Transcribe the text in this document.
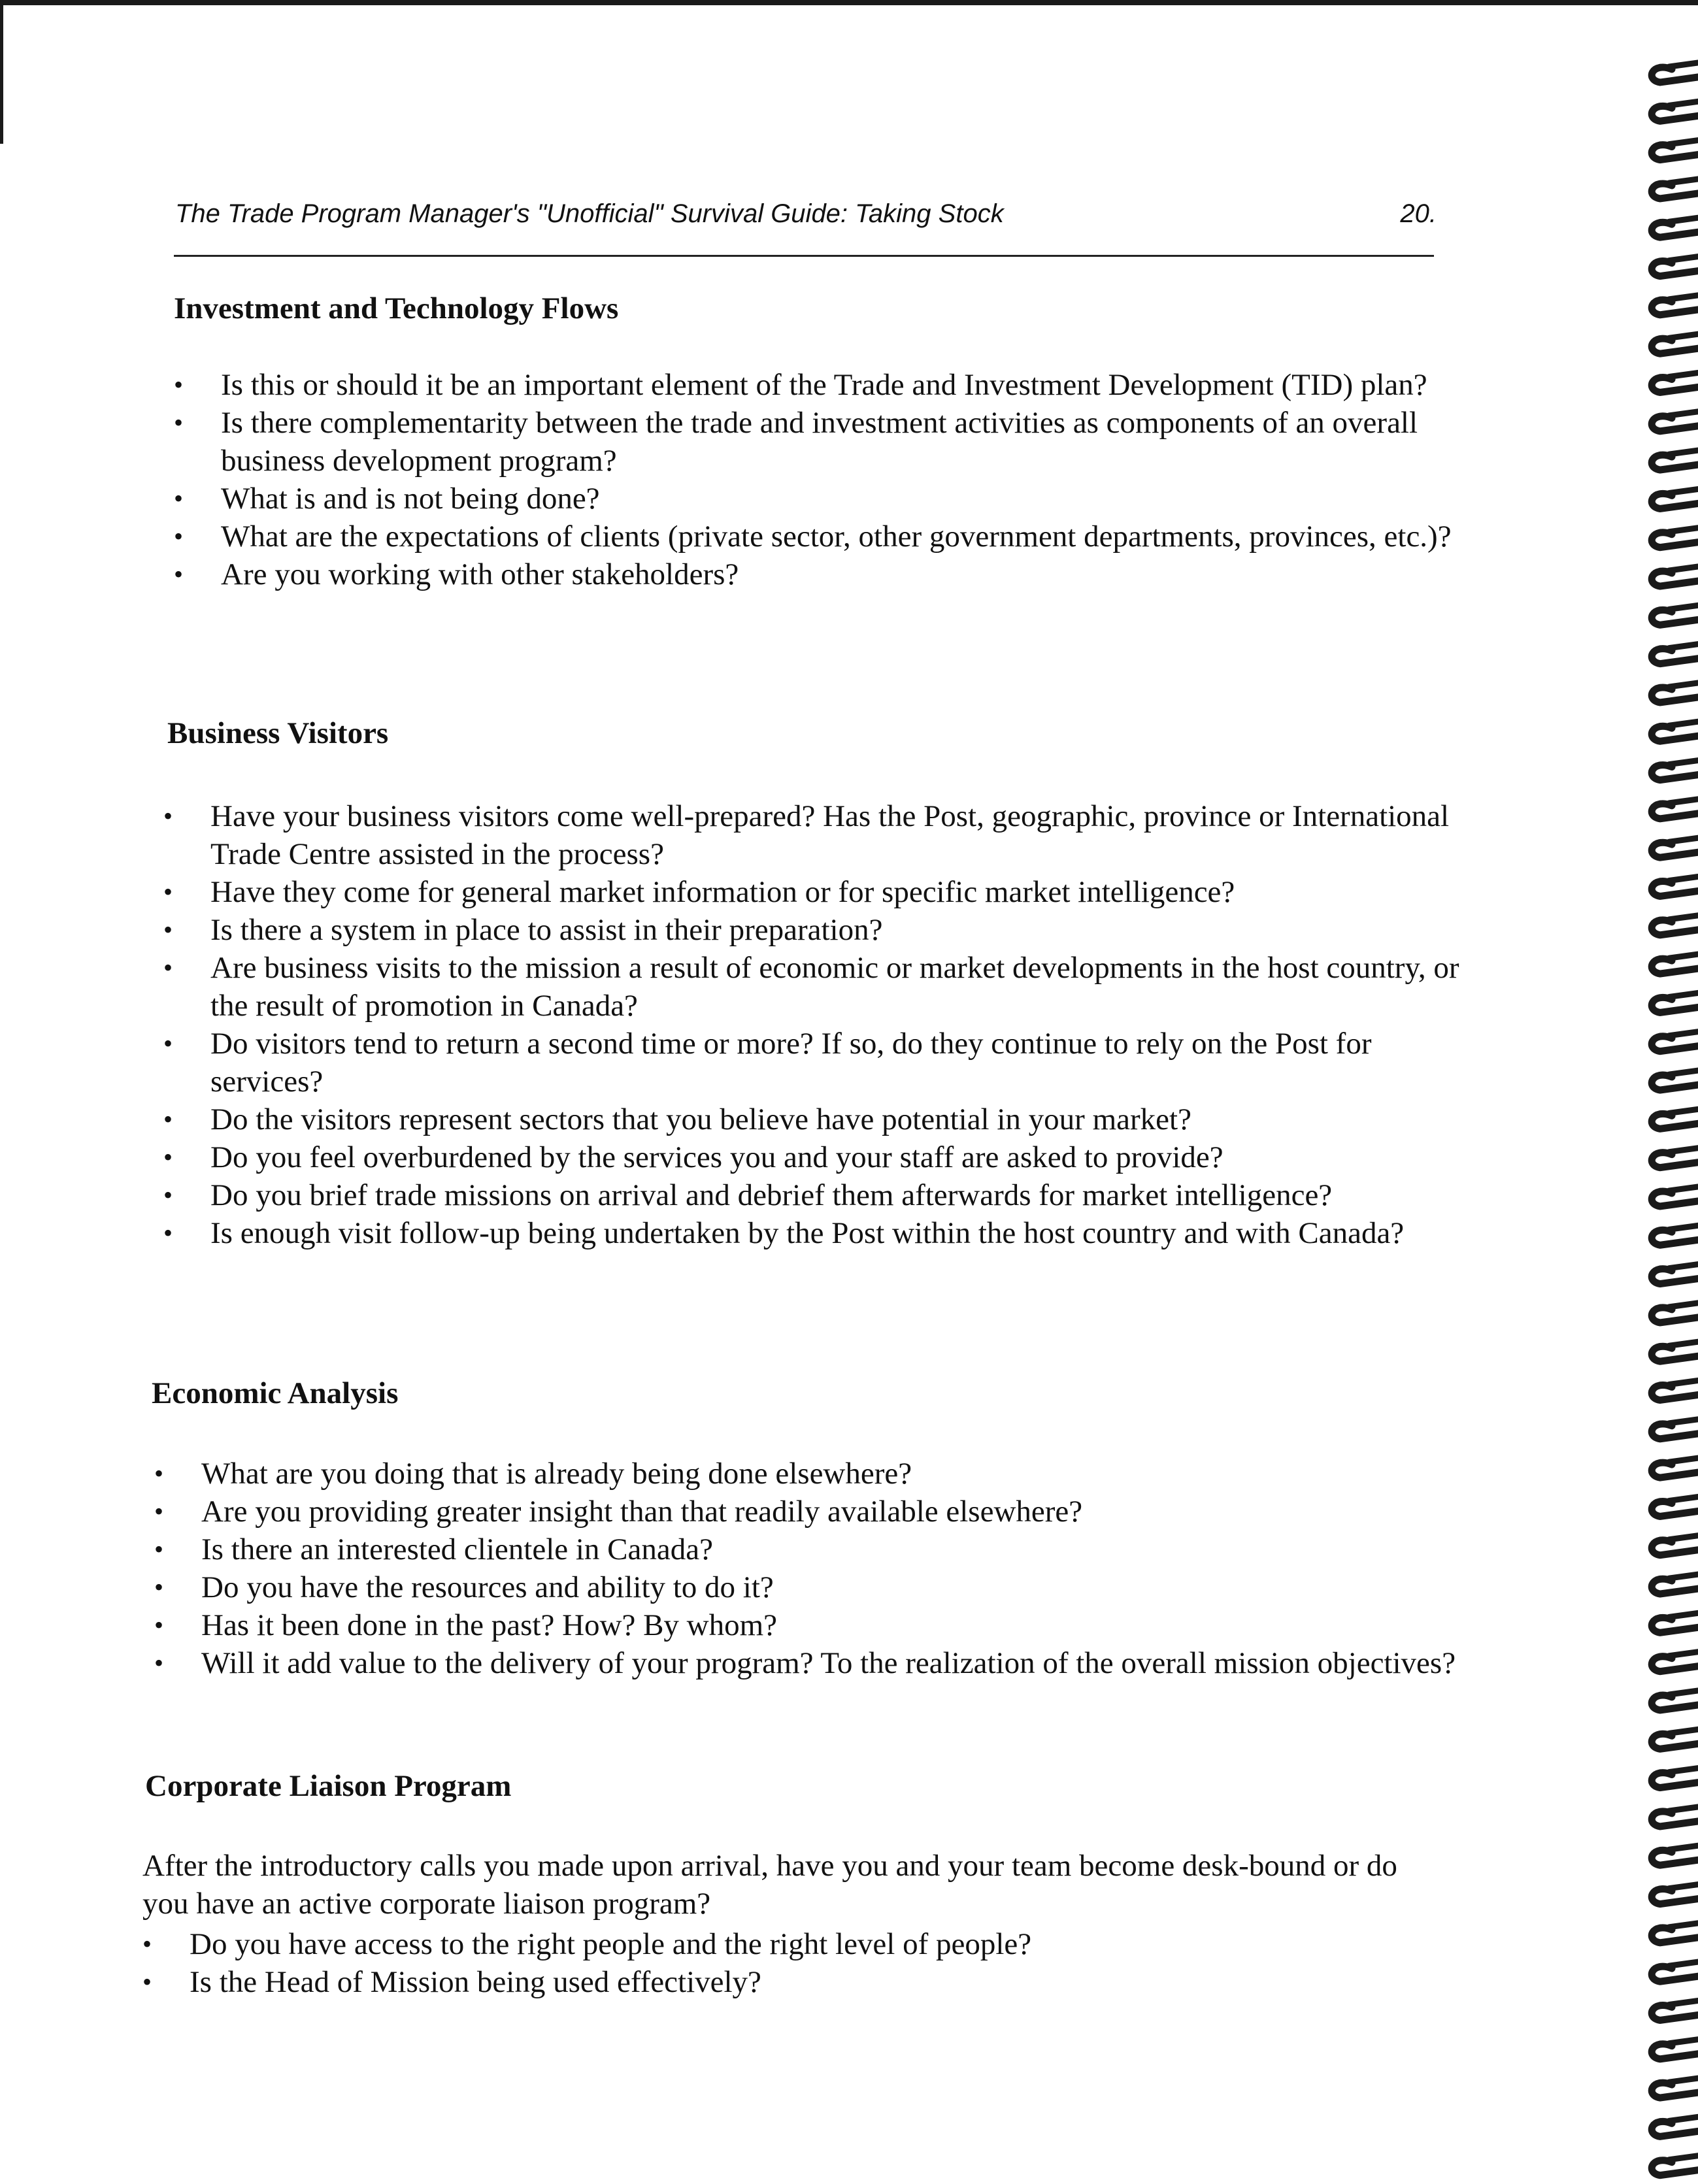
The Trade Program Manager's "Unofficial" Survival Guide: Taking Stock	20.
Investment and Technology Flows
• Is this or should it be an important element of the Trade and Investment Development (TID) plan?
• Is there complementarity between the trade and investment activities as components of an overall business development program?
• What is and is not being done?
• What are the expectations of clients (private sector, other government departments, provinces, etc.)?
• Are you working with other stakeholders?
Business Visitors
• Have your business visitors come well-prepared? Has the Post, geographic, province or International Trade Centre assisted in the process?
• Have they come for general market information or for specific market intelligence?
• Is there a system in place to assist in their preparation?
• Are business visits to the mission a result of economic or market developments in the host country, or the result of promotion in Canada?
• Do visitors tend to return a second time or more? If so, do they continue to rely on the Post for services?
• Do the visitors represent sectors that you believe have potential in your market?
• Do you feel overburdened by the services you and your staff are asked to provide?
• Do you brief trade missions on arrival and debrief them afterwards for market intelligence?
• Is enough visit follow-up being undertaken by the Post within the host country and with Canada?
Economic Analysis
• What are you doing that is already being done elsewhere?
• Are you providing greater insight than that readily available elsewhere?
• Is there an interested clientele in Canada?
• Do you have the resources and ability to do it?
• Has it been done in the past? How? By whom?
• Will it add value to the delivery of your program? To the realization of the overall mission objectives?
Corporate Liaison Program
After the introductory calls you made upon arrival, have you and your team become desk-bound or do you have an active corporate liaison program?
• Do you have access to the right people and the right level of people?
• Is the Head of Mission being used effectively?
